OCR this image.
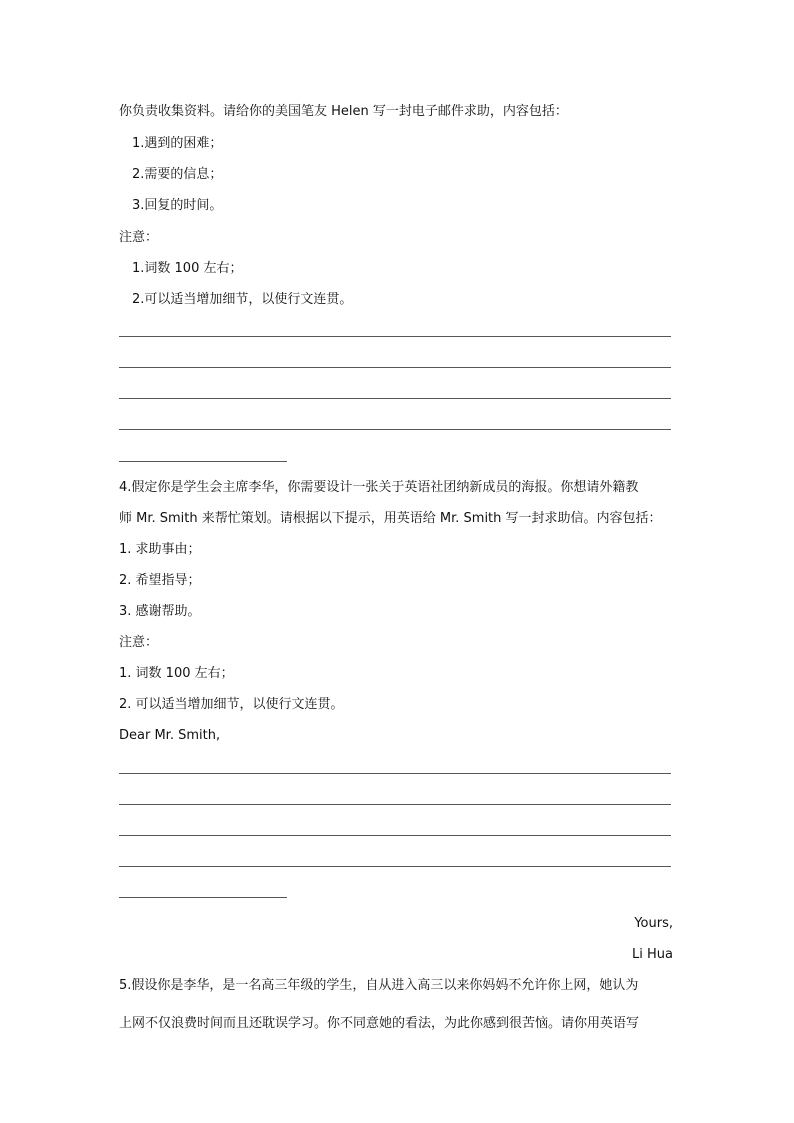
你负责收集资料。请给你的美国笔友 Helen 写一封电子邮件求助，内容包括：
1.遇到的困难；
2.需要的信息；
3.回复的时间。
注意：
1.词数 100 左右；
2.可以适当增加细节，以使行文连贯。
4.假定你是学生会主席李华，你需要设计一张关于英语社团纳新成员的海报。你想请外籍教
师 Mr. Smith 来帮忙策划。请根据以下提示，用英语给 Mr. Smith 写一封求助信。内容包括：
1. 求助事由；
2. 希望指导；
3. 感谢帮助。
注意：
1. 词数 100 左右；
2. 可以适当增加细节，以使行文连贯。
Dear Mr. Smith,
Yours,
Li Hua
5.假设你是李华，是一名高三年级的学生，自从进入高三以来你妈妈不允许你上网，她认为
上网不仅浪费时间而且还耽误学习。你不同意她的看法，为此你感到很苦恼。请你用英语写
